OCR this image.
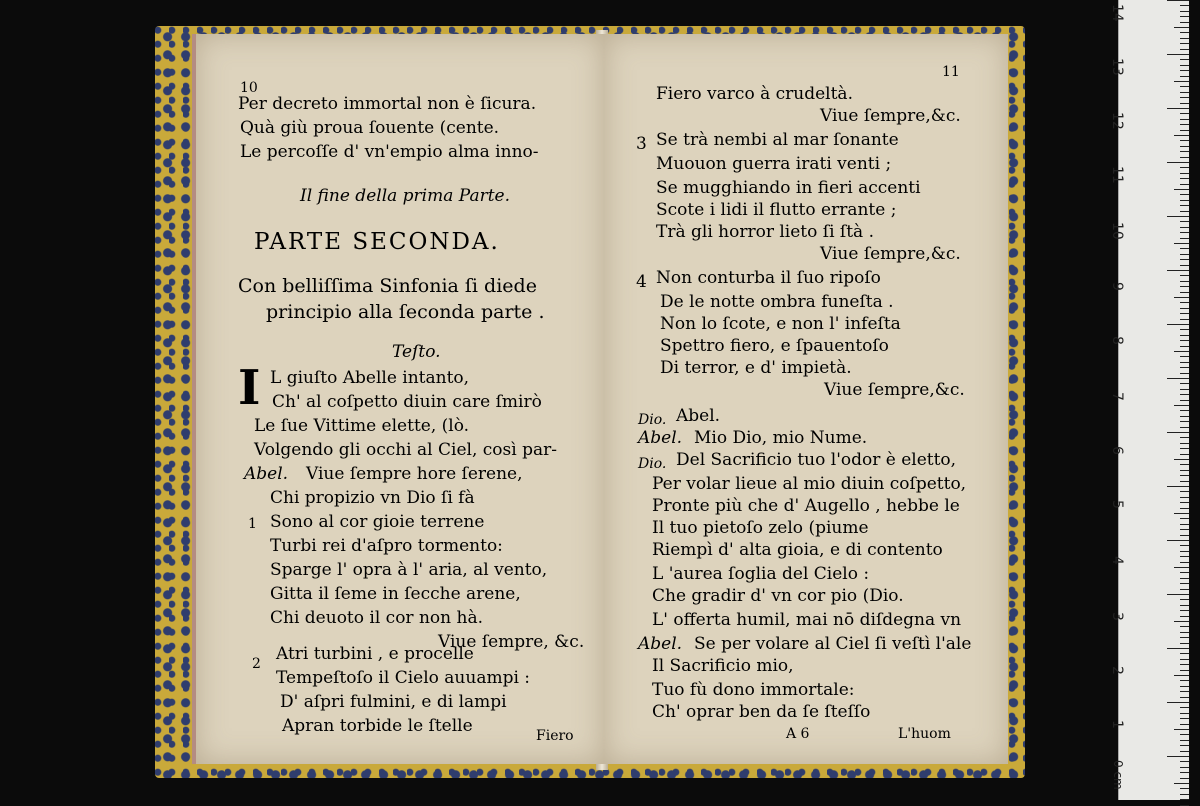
10
Per decreto immortal non è ſicura.
Quà giù proua ſouente (cente.
Le percoſſe d' vn'empio alma inno-
Il fine della prima Parte.
PARTE SECONDA.
Con belliſſima Sinfonia ſi diede
principio alla ſeconda parte .
Teſto.
I L giuſto Abelle intanto,
Ch' al coſpetto diuin care ſmirò
Le ſue Vittime elette, (lò.
Volgendo gli occhi al Ciel, così par-
Abel. Viue ſempre hore ſerene,
Chi propizio vn Dio ſi fà
1 Sono al cor gioie terrene
Turbi rei d'aſpro tormento:
Sparge l' opra à l' aria, al vento,
Gitta il ſeme in ſecche arene,
Chi deuoto il cor non hà.
Viue ſempre, &c.
2 Atri turbini , e procelle
Tempeſtoſo il Cielo auuampi :
D' aſpri fulmini, e di lampi
Apran torbide le ſtelle	Fiero
11
Fiero varco à crudeltà.
Viue ſempre,&c.
3 Se trà nembi al mar ſonante
Muouon guerra irati venti ;
Se mugghiando in fieri accenti
Scote i lidi il flutto errante ;
Trà gli horror lieto ſi ſtà .
Viue ſempre,&c.
4 Non conturba il ſuo ripoſo
De le notte ombra funeſta .
Non lo ſcote, e non l' infeſta
Spettro fiero, e ſpauentoſo
Di terror, e d' impietà.
Viue ſempre,&c.
Dio. Abel.
Abel. Mio Dio, mio Nume.
Dio. Del Sacrificio tuo l'odor è eletto,
Per volar lieue al mio diuin coſpetto,
Pronte più che d' Augello , hebbe le
Il tuo pietoſo zelo (piume
Riempì d' alta gioia, e di contento
L 'aurea ſoglia del Cielo :
Che gradir d' vn cor pio (Dio.
L' offerta humil, mai nō diſdegna vn
Abel. Se per volare al Ciel ſi veſtì l'ale
Il Sacrificio mio,
Tuo fù dono immortale:
Ch' oprar ben da ſe ſteſſo
A 6	L'huom
14
13
12
11
10
9
8
7
6
5
4
3
2
1
0 cm
